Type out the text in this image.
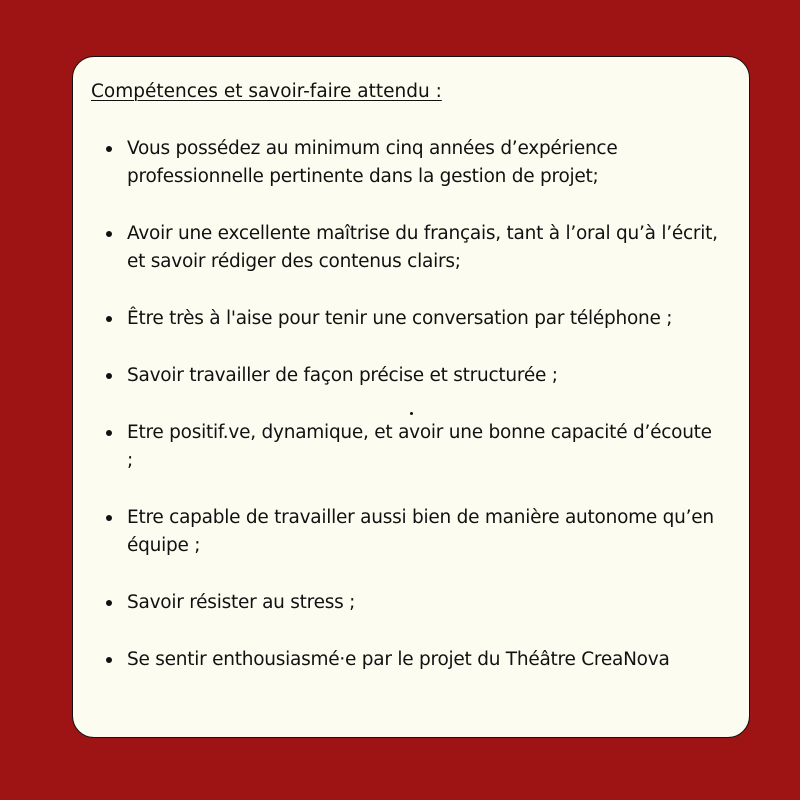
Compétences et savoir-faire attendu :
Vous possédez au minimum cinq années d’expérience professionnelle pertinente dans la gestion de projet;
Avoir une excellente maîtrise du français, tant à l’oral qu’à l’écrit, et savoir rédiger des contenus clairs;
Être très à l'aise pour tenir une conversation par téléphone ;
Savoir travailler de façon précise et structurée ;
Etre positif.ve, dynamique, et avoir une bonne capacité d’écoute ;
Etre capable de travailler aussi bien de manière autonome qu’en équipe ;
Savoir résister au stress ;
Se sentir enthousiasmé·e par le projet du Théâtre CreaNova
